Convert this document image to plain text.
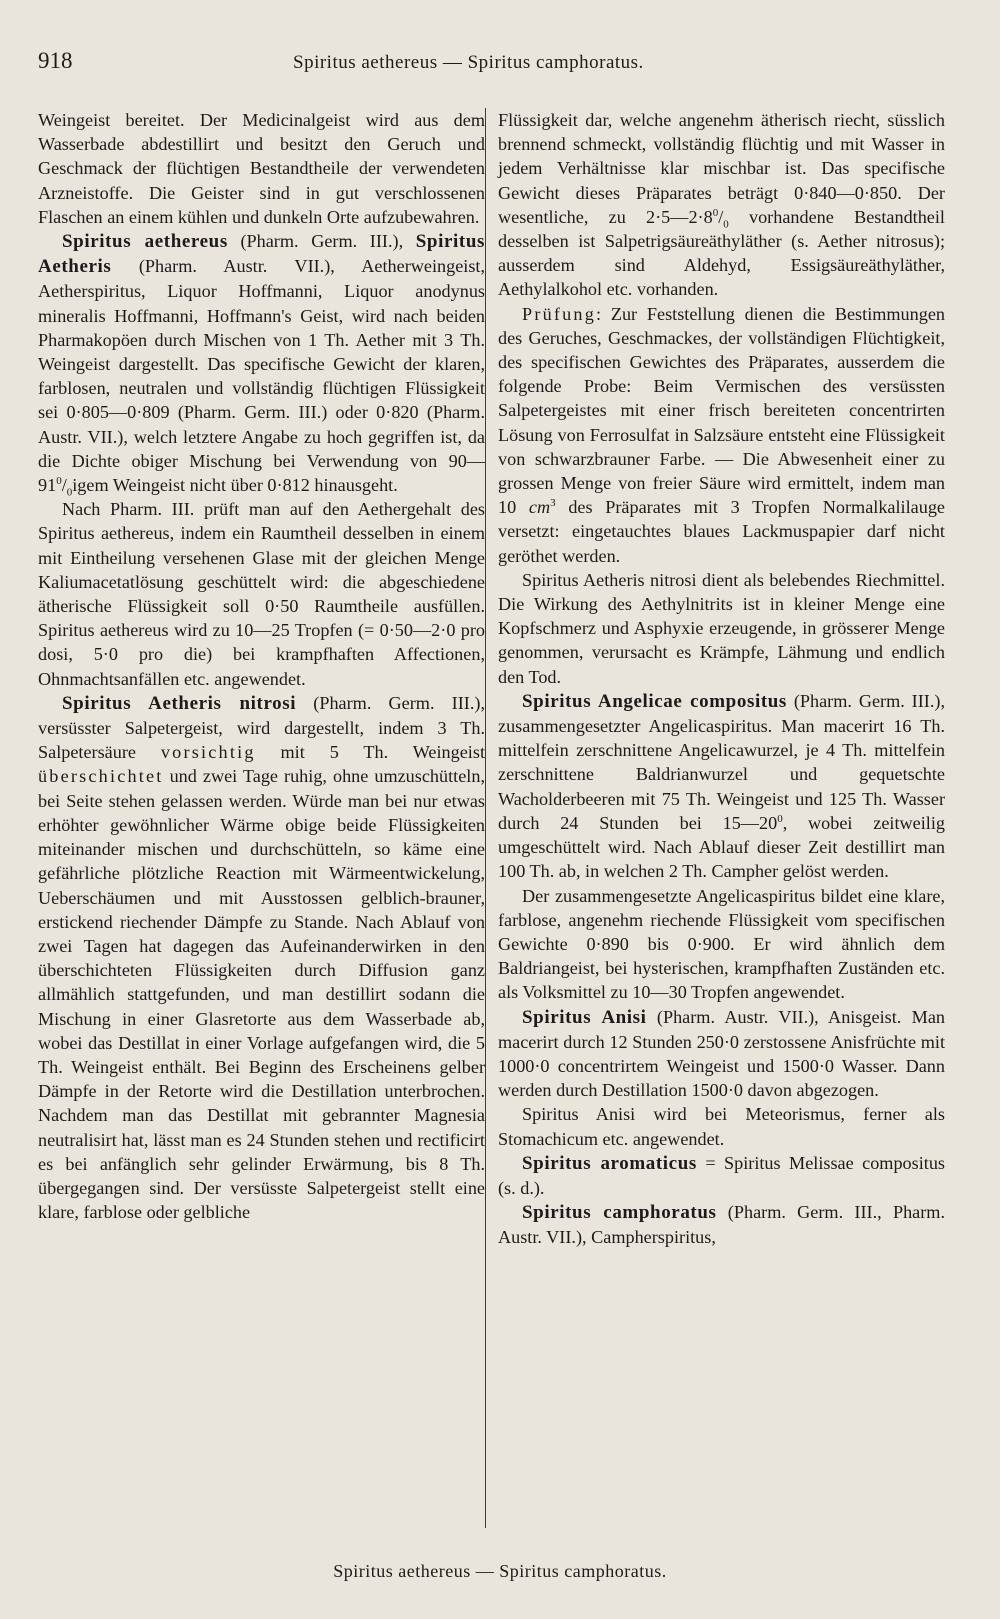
918	Spiritus aethereus — Spiritus camphoratus.

Weingeist bereitet. Der Medicinalgeist wird aus dem Wasserbade abdestillirt und besitzt den Geruch und Geschmack der flüchtigen Bestandtheile der verwendeten Arzneistoffe. Die Geister sind in gut verschlossenen Flaschen an einem kühlen und dunkeln Orte aufzubewahren.

Spiritus aethereus (Pharm. Germ. III.), Spiritus Aetheris (Pharm. Austr. VII.), Aetherweingeist, Aetherspiritus, Liquor Hoffmanni, Liquor anodynus mineralis Hoffmanni, Hoffmann's Geist, wird nach beiden Pharmakopöen durch Mischen von 1 Th. Aether mit 3 Th. Weingeist dargestellt. Das specifische Gewicht der klaren, farblosen, neutralen und vollständig flüchtigen Flüssigkeit sei 0·805—0·809 (Pharm. Germ. III.) oder 0·820 (Pharm. Austr. VII.), welch letztere Angabe zu hoch gegriffen ist, da die Dichte obiger Mischung bei Verwendung von $90—91^0/_0igem$ Weingeist nicht über 0·812 hinausgeht.

Nach Pharm. III. prüft man auf den Aethergehalt des Spiritus aethereus, indem ein Raumtheil desselben in einem mit Eintheilung versehenen Glase mit der gleichen Menge Kaliumacetatlösung geschüttelt wird: die abgeschiedene ätherische Flüssigkeit soll 0·50 Raumtheile ausfüllen. Spiritus aethereus wird zu 10—25 Tropfen (= 0·50—2·0 pro dosi, 5·0 pro die) bei krampfhaften Affectionen, Ohnmachtsanfällen etc. angewendet.

Spiritus Aetheris nitrosi (Pharm. Germ. III.), versüsster Salpetergeist, wird dargestellt, indem 3 Th. Salpetersäure vorsichtig mit 5 Th. Weingeist überschichtet und zwei Tage ruhig, ohne umzuschütteln, bei Seite stehen gelassen werden. Würde man bei nur etwas erhöhter gewöhnlicher Wärme obige beide Flüssigkeiten miteinander mischen und durchschütteln, so käme eine gefährliche plötzliche Reaction mit Wärmeentwickelung, Ueberschäumen und mit Ausstossen gelblich-brauner, erstickend riechender Dämpfe zu Stande. Nach Ablauf von zwei Tagen hat dagegen das Aufeinanderwirken in den überschichteten Flüssigkeiten durch Diffusion ganz allmählich stattgefunden, und man destillirt sodann die Mischung in einer Glasretorte aus dem Wasserbade ab, wobei das Destillat in einer Vorlage aufgefangen wird, die 5 Th. Weingeist enthält. Bei Beginn des Erscheinens gelber Dämpfe in der Retorte wird die Destillation unterbrochen. Nachdem man das Destillat mit gebrannter Magnesia neutralisirt hat, lässt man es 24 Stunden stehen und rectificirt es bei anfänglich sehr gelinder Erwärmung, bis 8 Th. übergegangen sind. Der versüsste Salpetergeist stellt eine klare, farblose oder gelbliche

Flüssigkeit dar, welche angenehm ätherisch riecht, süsslich brennend schmeckt, vollständig flüchtig und mit Wasser in jedem Verhältnisse klar mischbar ist. Das specifische Gewicht dieses Präparates beträgt 0·840—0·850. Der wesentliche, zu $2\cdot 5—2\cdot 8^0/_0$ vorhandene Bestandtheil desselben ist Salpetrigsäureäthyläther (s. Aether nitrosus); ausserdem sind Aldehyd, Essigsäureäthyläther, Aethylalkohol etc. vorhanden.

Prüfung: Zur Feststellung dienen die Bestimmungen des Geruches, Geschmackes, der vollständigen Flüchtigkeit, des specifischen Gewichtes des Präparates, ausserdem die folgende Probe: Beim Vermischen des versüssten Salpetergeistes mit einer frisch bereiteten concentrirten Lösung von Ferrosulfat in Salzsäure entsteht eine Flüssigkeit von schwarzbrauner Farbe. — Die Abwesenheit einer zu grossen Menge von freier Säure wird ermittelt, indem man 10 $cm^3$ des Präparates mit 3 Tropfen Normalkalilauge versetzt: eingetauchtes blaues Lackmuspapier darf nicht geröthet werden.

Spiritus Aetheris nitrosi dient als belebendes Riechmittel. Die Wirkung des Aethylnitrits ist in kleiner Menge eine Kopfschmerz und Asphyxie erzeugende, in grösserer Menge genommen, verursacht es Krämpfe, Lähmung und endlich den Tod.

Spiritus Angelicae compositus (Pharm. Germ. III.), zusammengesetzter Angelicaspiritus. Man macerirt 16 Th. mittelfein zerschnittene Angelicawurzel, je 4 Th. mittelfein zerschnittene Baldrianwurzel und gequetschte Wacholderbeeren mit 75 Th. Weingeist und 125 Th. Wasser durch 24 Stunden bei $15—20^0$, wobei zeitweilig umgeschüttelt wird. Nach Ablauf dieser Zeit destillirt man 100 Th. ab, in welchen 2 Th. Campher gelöst werden.

Der zusammengesetzte Angelicaspiritus bildet eine klare, farblose, angenehm riechende Flüssigkeit vom specifischen Gewichte 0·890 bis 0·900. Er wird ähnlich dem Baldriangeist, bei hysterischen, krampfhaften Zuständen etc. als Volksmittel zu 10—30 Tropfen angewendet.

Spiritus Anisi (Pharm. Austr. VII.), Anisgeist. Man macerirt durch 12 Stunden 250·0 zerstossene Anisfrüchte mit 1000·0 concentrirtem Weingeist und 1500·0 Wasser. Dann werden durch Destillation 1500·0 davon abgezogen.

Spiritus Anisi wird bei Meteorismus, ferner als Stomachicum etc. angewendet.

Spiritus aromaticus = Spiritus Melissae compositus (s. d.).

Spiritus camphoratus (Pharm. Germ. III., Pharm. Austr. VII.), Campherspiritus,

Spiritus aethereus — Spiritus camphoratus.
